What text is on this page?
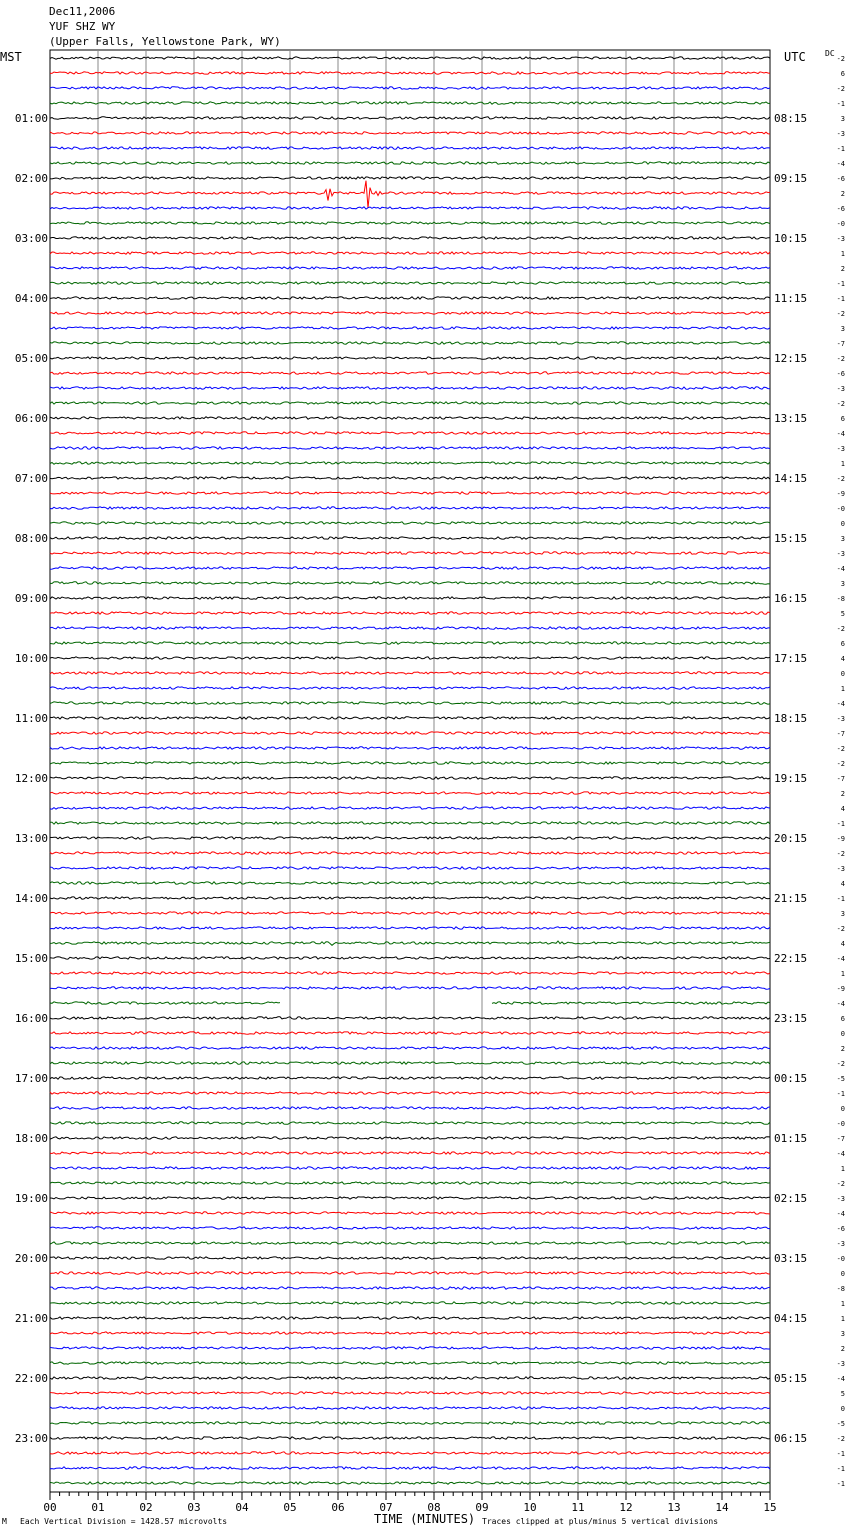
Dec11,2006
YUF SHZ WY
(Upper Falls, Yellowstone Park, WY)
MST	UTC DC
-2
6
-2
-1
3
-3
-1
-4
-6
2
-6
-0
-3
1
2
-1
-1
-2
3
-7
-2
-6
-3
-2
6
-4
-3
1
-2
-9
-0
0
3
-3
-4
3
-8
5
-2
6
4
0
1
-4
-3
-7
-2
-2
-7
2
4
-1
-9
-2
-3
4
-1
3
-2
4
-4
1
-9
-4
6
0
2
-2
-5
-1
0
-0
-7
-4
1
-2
-3
-4
-6
-3
-0
0
-8
1
1
3
2
-3
-4
5
0
-5
-2
-1
-1
-1
01:00
02:00
03:00
04:00
05:00
06:00
07:00
08:00
09:00
10:00
11:00
12:00
13:00
14:00
15:00
16:00
17:00
18:00
19:00
20:00
21:00
22:00
23:00
08:15
09:15
10:15
11:15
12:15
13:15
14:15
15:15
16:15
17:15
18:15
19:15
20:15
21:15
22:15
23:15
00:15
01:15
02:15
03:15
04:15
05:15
06:15
00	01	02	03	04	05	06	07	08	09	10	11	12	13	14	15
M Each Vertical Division = 1428.57 microvolts	TIME (MINUTES) Traces clipped at plus/minus 5 vertical divisions
